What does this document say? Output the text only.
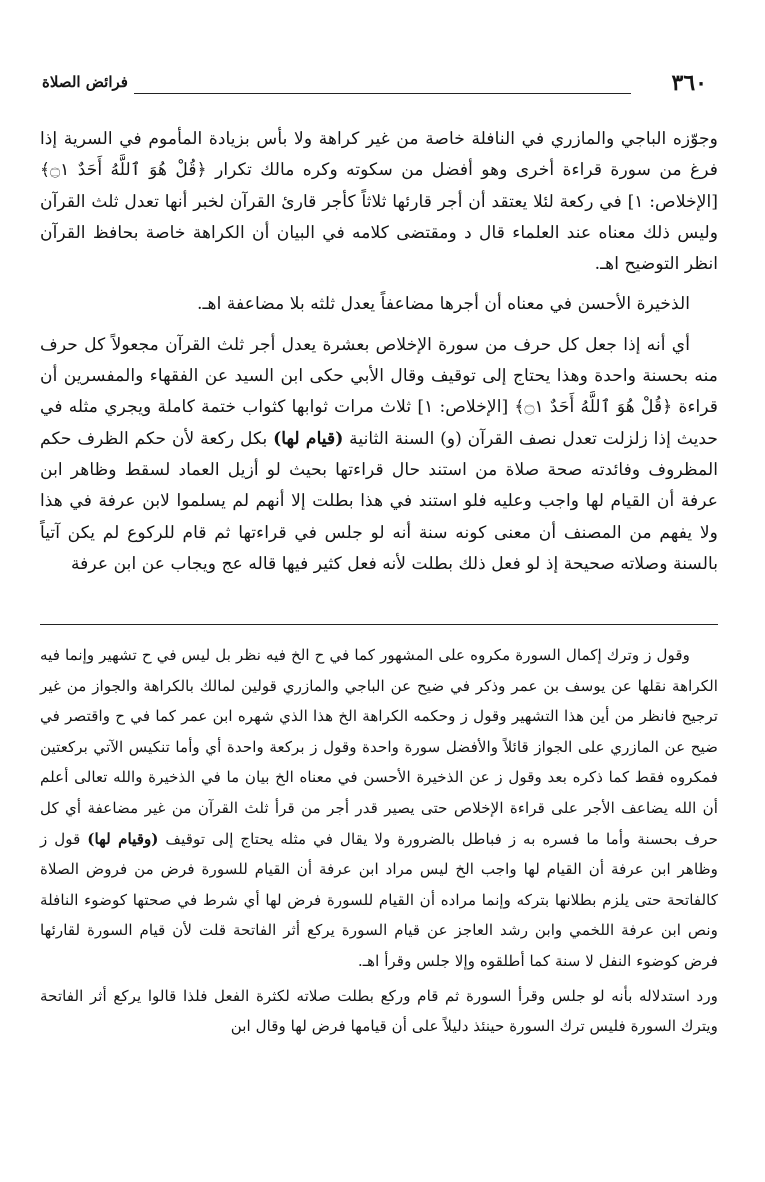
٣٦٠
فرائض الصلاة

وجوّزه الباجي والمازري في النافلة خاصة من غير كراهة ولا بأس بزيادة المأموم في السرية إذا فرغ من سورة قراءة أخرى وهو أفضل من سكوته وكره مالك تكرار ﴿قُلْ هُوَ ٱللَّهُ أَحَدٌ ۝١﴾ [الإخلاص: ١] في ركعة لئلا يعتقد أن أجر قارئها ثلاثاً كأجر قارئ القرآن لخبر أنها تعدل ثلث القرآن وليس ذلك معناه عند العلماء قال د ومقتضى كلامه في البيان أن الكراهة خاصة بحافظ القرآن انظر التوضيح اهـ.

الذخيرة الأحسن في معناه أن أجرها مضاعفاً يعدل ثلثه بلا مضاعفة اهـ.

أي أنه إذا جعل كل حرف من سورة الإخلاص بعشرة يعدل أجر ثلث القرآن مجعولاً كل حرف منه بحسنة واحدة وهذا يحتاج إلى توقيف وقال الأبي حكى ابن السيد عن الفقهاء والمفسرين أن قراءة ﴿قُلْ هُوَ ٱللَّهُ أَحَدٌ ۝١﴾ [الإخلاص: ١] ثلاث مرات ثوابها كثواب ختمة كاملة ويجري مثله في حديث إذا زلزلت تعدل نصف القرآن (و) السنة الثانية (قيام لها) بكل ركعة لأن حكم الظرف حكم المظروف وفائدته صحة صلاة من استند حال قراءتها بحيث لو أزيل العماد لسقط وظاهر ابن عرفة أن القيام لها واجب وعليه فلو استند في هذا بطلت إلا أنهم لم يسلموا لابن عرفة في هذا ولا يفهم من المصنف أن معنى كونه سنة أنه لو جلس في قراءتها ثم قام للركوع لم يكن آتياً بالسنة وصلاته صحيحة إذ لو فعل ذلك بطلت لأنه فعل كثير فيها قاله عج ويجاب عن ابن عرفة

وقول ز وترك إكمال السورة مكروه على المشهور كما في ح الخ فيه نظر بل ليس في ح تشهير وإنما فيه الكراهة نقلها عن يوسف بن عمر وذكر في ضيح عن الباجي والمازري قولين لمالك بالكراهة والجواز من غير ترجيح فانظر من أين هذا التشهير وقول ز وحكمه الكراهة الخ هذا الذي شهره ابن عمر كما في ح واقتصر في ضيح عن المازري على الجواز قائلاً والأفضل سورة واحدة وقول ز بركعة واحدة أي وأما تنكيس الآتي بركعتين فمكروه فقط كما ذكره بعد وقول ز عن الذخيرة الأحسن في معناه الخ بيان ما في الذخيرة والله تعالى أعلم أن الله يضاعف الأجر على قراءة الإخلاص حتى يصير قدر أجر من قرأ ثلث القرآن من غير مضاعفة أي كل حرف بحسنة وأما ما فسره به ز فباطل بالضرورة ولا يقال في مثله يحتاج إلى توقيف (وقيام لها) قول ز وظاهر ابن عرفة أن القيام لها واجب الخ ليس مراد ابن عرفة أن القيام للسورة فرض من فروض الصلاة كالفاتحة حتى يلزم بطلانها بتركه وإنما مراده أن القيام للسورة فرض لها أي شرط في صحتها كوضوء النافلة ونص ابن عرفة اللخمي وابن رشد العاجز عن قيام السورة يركع أثر الفاتحة قلت لأن قيام السورة لقارئها فرض كوضوء النفل لا سنة كما أطلقوه وإلا جلس وقرأ اهـ.

ورد استدلاله بأنه لو جلس وقرأ السورة ثم قام وركع بطلت صلاته لكثرة الفعل فلذا قالوا يركع أثر الفاتحة ويترك السورة فليس ترك السورة حينئذ دليلاً على أن قيامها فرض لها وقال ابن
